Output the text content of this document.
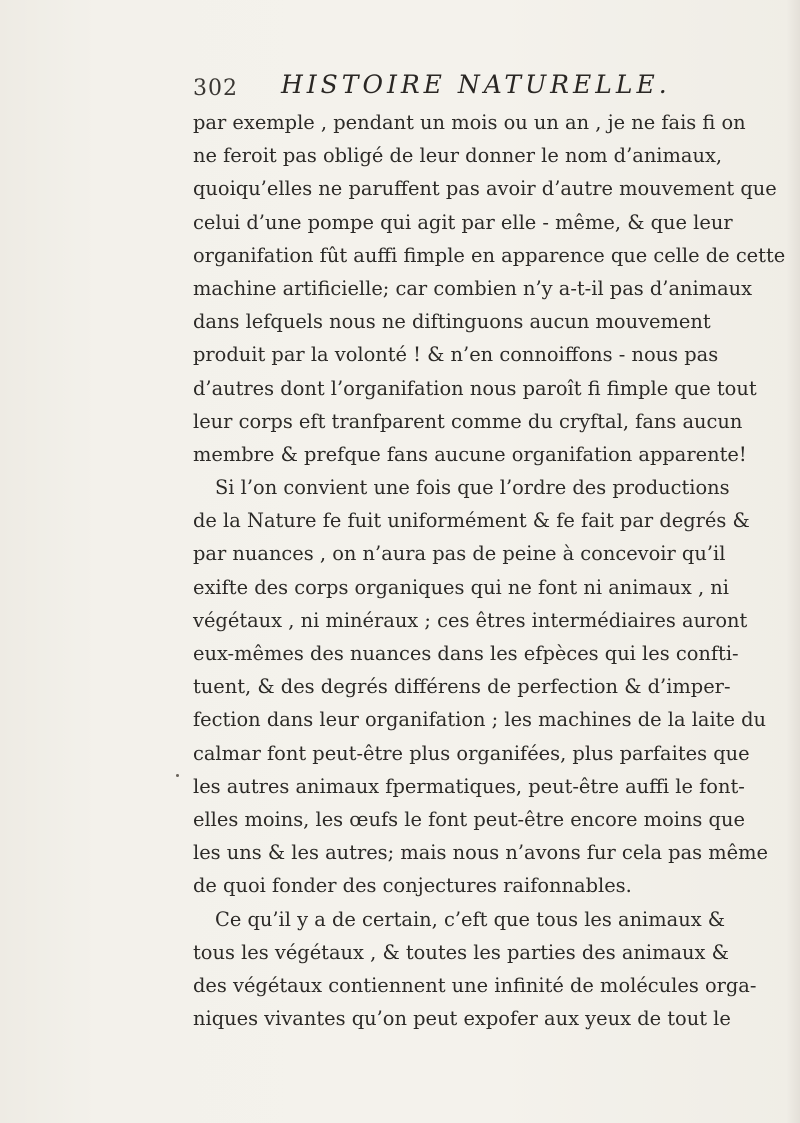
302 HISTOIRE NATURELLE.
par exemple , pendant un mois ou un an , je ne fais fi on
ne feroit pas obligé de leur donner le nom d’animaux,
quoiqu’elles ne paruffent pas avoir d’autre mouvement que
celui d’une pompe qui agit par elle - même, & que leur
organifation fût auffi fimple en apparence que celle de cette
machine artificielle; car combien n’y a-t-il pas d’animaux
dans lefquels nous ne diftinguons aucun mouvement
produit par la volonté ! & n’en connoiffons - nous pas
d’autres dont l’organifation nous paroît fi fimple que tout
leur corps eft tranfparent comme du cryftal, fans aucun
membre & prefque fans aucune organifation apparente!
Si l’on convient une fois que l’ordre des productions
de la Nature fe fuit uniformément & fe fait par degrés &
par nuances , on n’aura pas de peine à concevoir qu’il
exifte des corps organiques qui ne font ni animaux , ni
végétaux , ni minéraux ; ces êtres intermédiaires auront
eux-mêmes des nuances dans les efpèces qui les confti-
tuent, & des degrés différens de perfection & d’imper-
fection dans leur organifation ; les machines de la laite du
calmar font peut-être plus organifées, plus parfaites que
les autres animaux fpermatiques, peut-être auffi le font-
elles moins, les œufs le font peut-être encore moins que
les uns & les autres; mais nous n’avons fur cela pas même
de quoi fonder des conjectures raifonnables.
Ce qu’il y a de certain, c’eft que tous les animaux &
tous les végétaux , & toutes les parties des animaux &
des végétaux contiennent une infinité de molécules orga-
niques vivantes qu’on peut expofer aux yeux de tout le
